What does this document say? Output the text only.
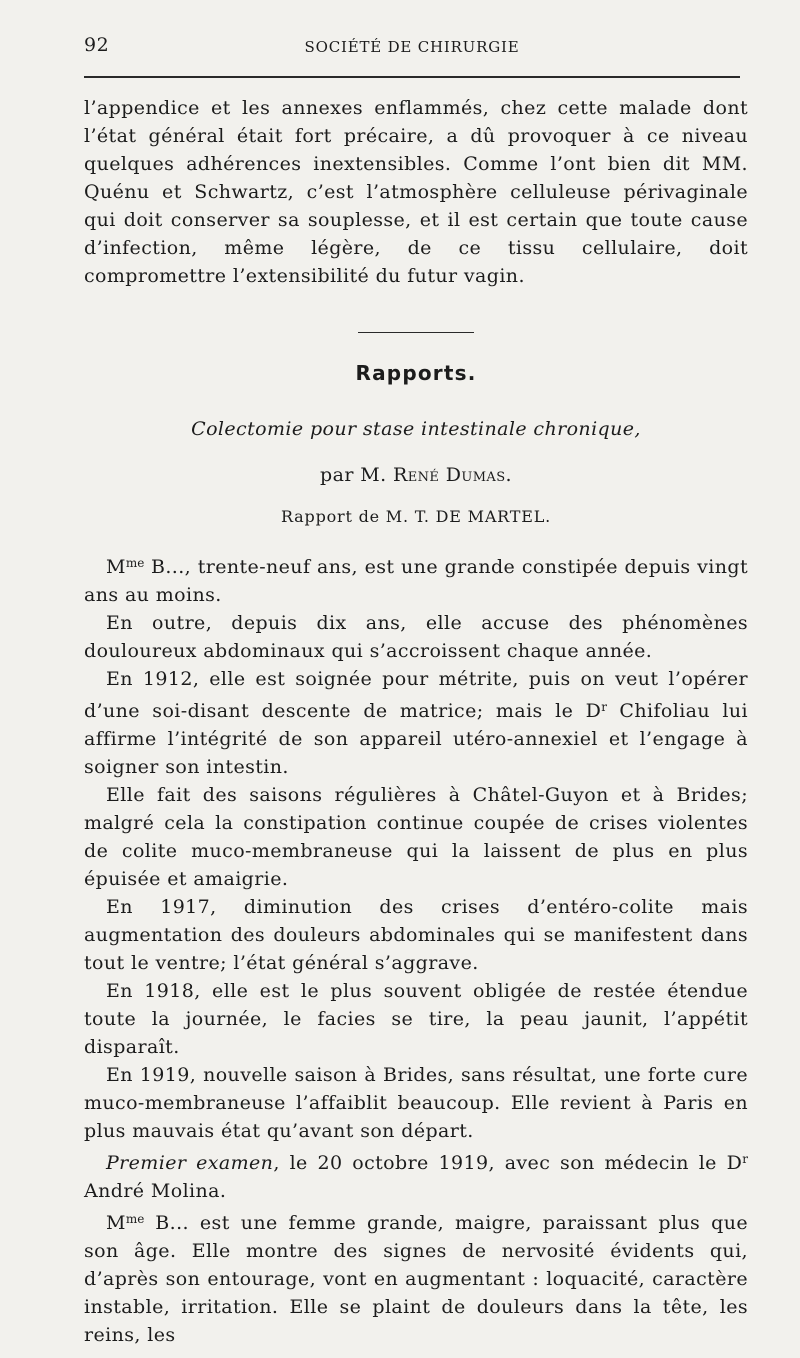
92	SOCIÉTÉ DE CHIRURGIE

l’appendice et les annexes enflammés, chez cette malade dont l’état général était fort précaire, a dû provoquer à ce niveau quelques adhérences inextensibles. Comme l’ont bien dit MM. Quénu et Schwartz, c’est l’atmosphère celluleuse périvaginale qui doit conserver sa souplesse, et il est certain que toute cause d’infection, même légère, de ce tissu cellulaire, doit compromettre l’extensibilité du futur vagin.

Rapports.
Colectomie pour stase intestinale chronique,
par M. René Dumas.
Rapport de M. T. DE MARTEL.

$M^{me}$ B..., trente-neuf ans, est une grande constipée depuis vingt ans au moins.

En outre, depuis dix ans, elle accuse des phénomènes douloureux abdominaux qui s’accroissent chaque année.

En 1912, elle est soignée pour métrite, puis on veut l’opérer d’une soi-disant descente de matrice; mais le $D^r$ Chifoliau lui affirme l’intégrité de son appareil utéro-annexiel et l’engage à soigner son intestin.

Elle fait des saisons régulières à Châtel-Guyon et à Brides; malgré cela la constipation continue coupée de crises violentes de colite muco-membraneuse qui la laissent de plus en plus épuisée et amaigrie.

En 1917, diminution des crises d’entéro-colite mais augmentation des douleurs abdominales qui se manifestent dans tout le ventre; l’état général s’aggrave.

En 1918, elle est le plus souvent obligée de restée étendue toute la journée, le facies se tire, la peau jaunit, l’appétit disparaît.

En 1919, nouvelle saison à Brides, sans résultat, une forte cure muco-membraneuse l’affaiblit beaucoup. Elle revient à Paris en plus mauvais état qu’avant son départ.

Premier examen, le 20 octobre 1919, avec son médecin le $D^r$ André Molina.

$M^{me}$ B... est une femme grande, maigre, paraissant plus que son âge. Elle montre des signes de nervosité évidents qui, d’après son entourage, vont en augmentant : loquacité, caractère instable, irritation. Elle se plaint de douleurs dans la tête, les reins, les
